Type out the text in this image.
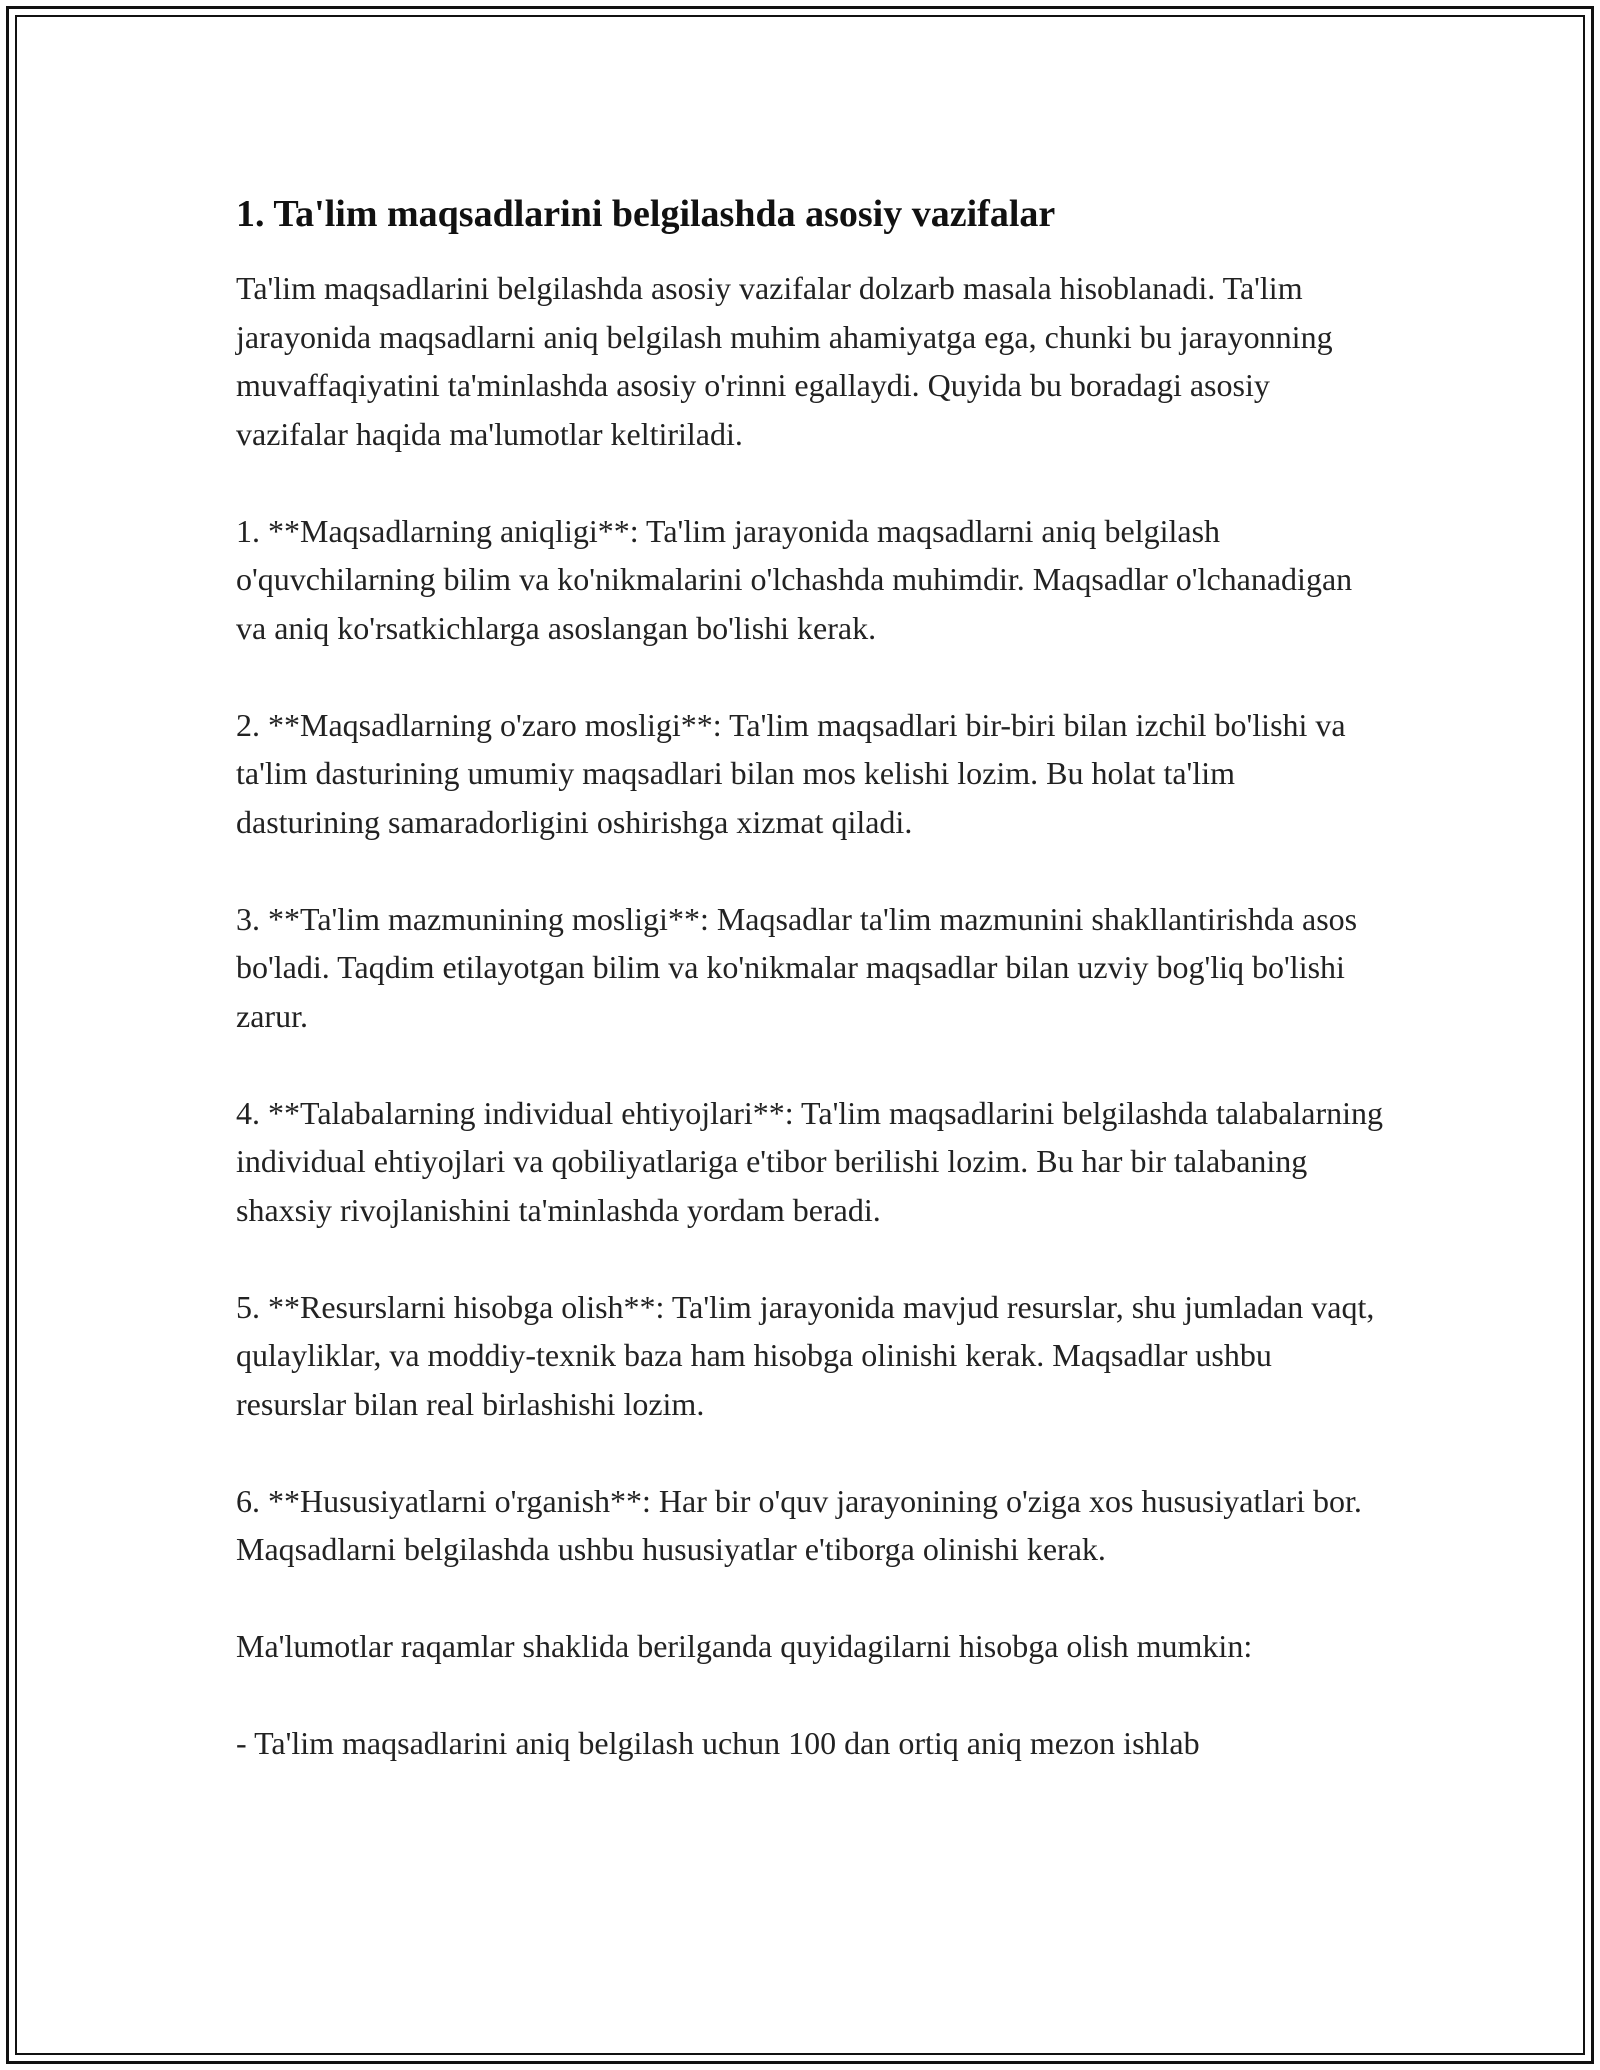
1. Ta'lim maqsadlarini belgilashda asosiy vazifalar

Ta'lim maqsadlarini belgilashda asosiy vazifalar dolzarb masala hisoblanadi. Ta'lim jarayonida maqsadlarni aniq belgilash muhim ahamiyatga ega, chunki bu jarayonning muvaffaqiyatini ta'minlashda asosiy o'rinni egallaydi. Quyida bu boradagi asosiy vazifalar haqida ma'lumotlar keltiriladi.

1. **Maqsadlarning aniqligi**: Ta'lim jarayonida maqsadlarni aniq belgilash o'quvchilarning bilim va ko'nikmalarini o'lchashda muhimdir. Maqsadlar o'lchanadigan va aniq ko'rsatkichlarga asoslangan bo'lishi kerak.

2. **Maqsadlarning o'zaro mosligi**: Ta'lim maqsadlari bir-biri bilan izchil bo'lishi va ta'lim dasturining umumiy maqsadlari bilan mos kelishi lozim. Bu holat ta'lim dasturining samaradorligini oshirishga xizmat qiladi.

3. **Ta'lim mazmunining mosligi**: Maqsadlar ta'lim mazmunini shakllantirishda asos bo'ladi. Taqdim etilayotgan bilim va ko'nikmalar maqsadlar bilan uzviy bog'liq bo'lishi zarur.

4. **Talabalarning individual ehtiyojlari**: Ta'lim maqsadlarini belgilashda talabalarning individual ehtiyojlari va qobiliyatlariga e'tibor berilishi lozim. Bu har bir talabaning shaxsiy rivojlanishini ta'minlashda yordam beradi.

5. **Resurslarni hisobga olish**: Ta'lim jarayonida mavjud resurslar, shu jumladan vaqt, qulayliklar, va moddiy-texnik baza ham hisobga olinishi kerak. Maqsadlar ushbu resurslar bilan real birlashishi lozim.

6. **Hususiyatlarni o'rganish**: Har bir o'quv jarayonining o'ziga xos hususiyatlari bor. Maqsadlarni belgilashda ushbu hususiyatlar e'tiborga olinishi kerak.

Ma'lumotlar raqamlar shaklida berilganda quyidagilarni hisobga olish mumkin:

- Ta'lim maqsadlarini aniq belgilash uchun 100 dan ortiq aniq mezon ishlab
